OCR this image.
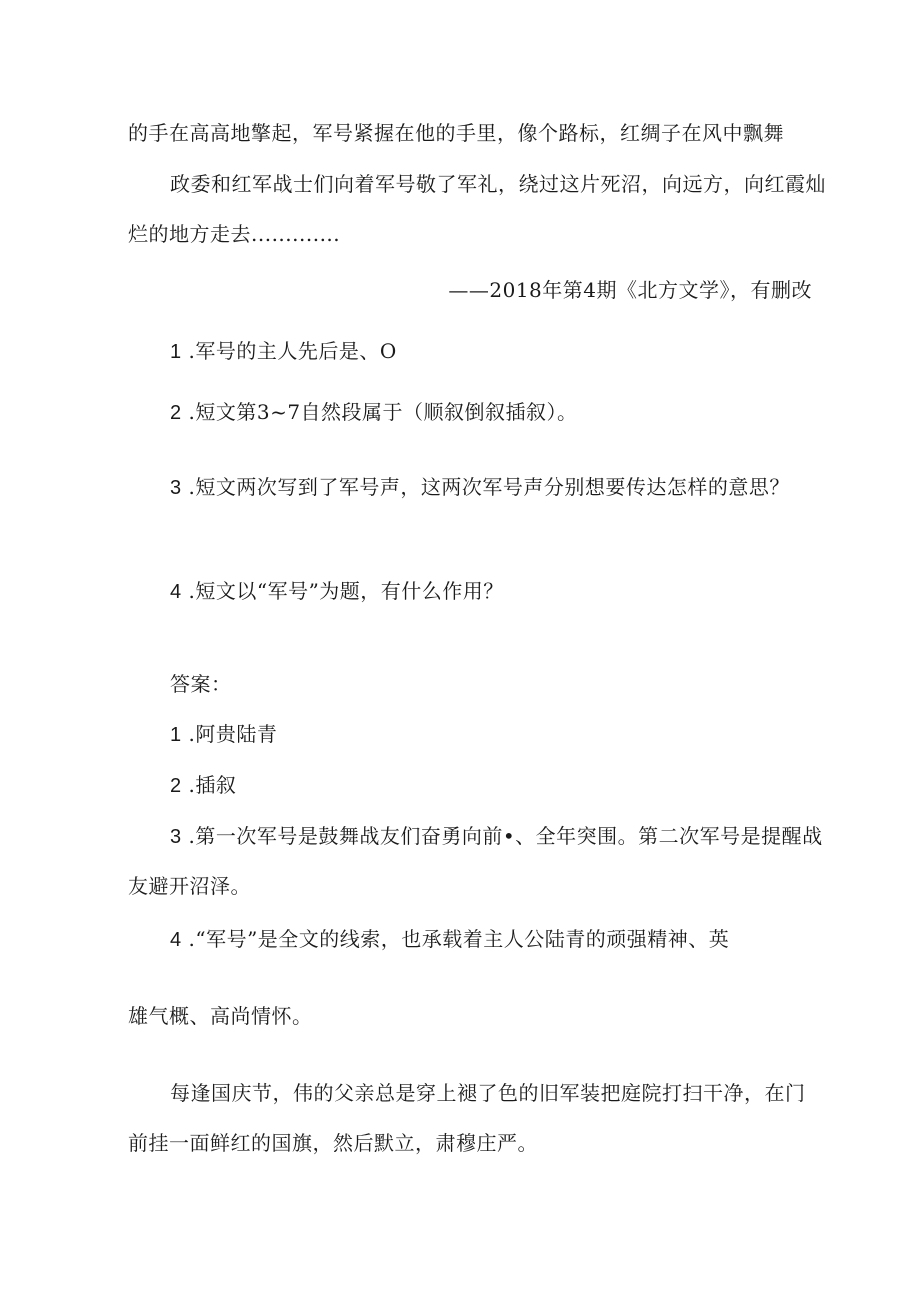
的手在高高地擎起，军号紧握在他的手里，像个路标，红绸子在风中飘舞
政委和红军战士们向着军号敬了军礼，绕过这片死沼，向远方，向红霞灿
烂的地方走去.............
——2018年第4期《北方文学》，有删改
1 .军号的主人先后是、O
2 .短文第3~7自然段属于（顺叙倒叙插叙）。
3 .短文两次写到了军号声，这两次军号声分别想要传达怎样的意思？
4 .短文以“军号”为题，有什么作用？
答案：
1 .阿贵陆青
2 .插叙
3 .第一次军号是鼓舞战友们奋勇向前•、全年突围。第二次军号是提醒战
友避开沼泽。
4 .“军号”是全文的线索，也承载着主人公陆青的顽强精神、英
雄气概、高尚情怀。
每逢国庆节，伟的父亲总是穿上褪了色的旧军装把庭院打扫干净，在门
前挂一面鲜红的国旗，然后默立，肃穆庄严。
